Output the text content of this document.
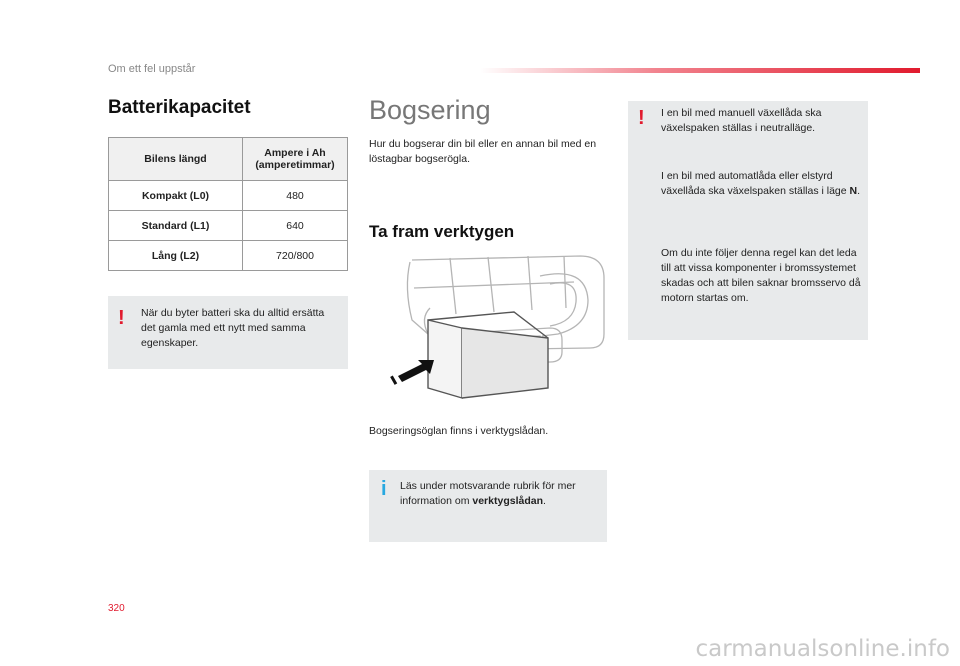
Om ett fel uppstår
Batterikapacitet
Bilens längd	Ampere i Ah (amperetimmar)
Kompakt (L0)	480
Standard (L1)	640
Lång (L2)	720/800
! När du byter batteri ska du alltid ersätta det gamla med ett nytt med samma egenskaper.
Bogsering
Hur du bogserar din bil eller en annan bil med en löstagbar bogserögla.
Ta fram verktygen
Bogseringsöglan finns i verktygslådan.
i Läs under motsvarande rubrik för mer information om verktygslådan.
! I en bil med manuell växellåda ska växelspaken ställas i neutralläge.
I en bil med automatlåda eller elstyrd växellåda ska växelspaken ställas i läge N.
Om du inte följer denna regel kan det leda till att vissa komponenter i bromssystemet skadas och att bilen saknar bromsservo då motorn startas om.
320
carmanualsonline.info
